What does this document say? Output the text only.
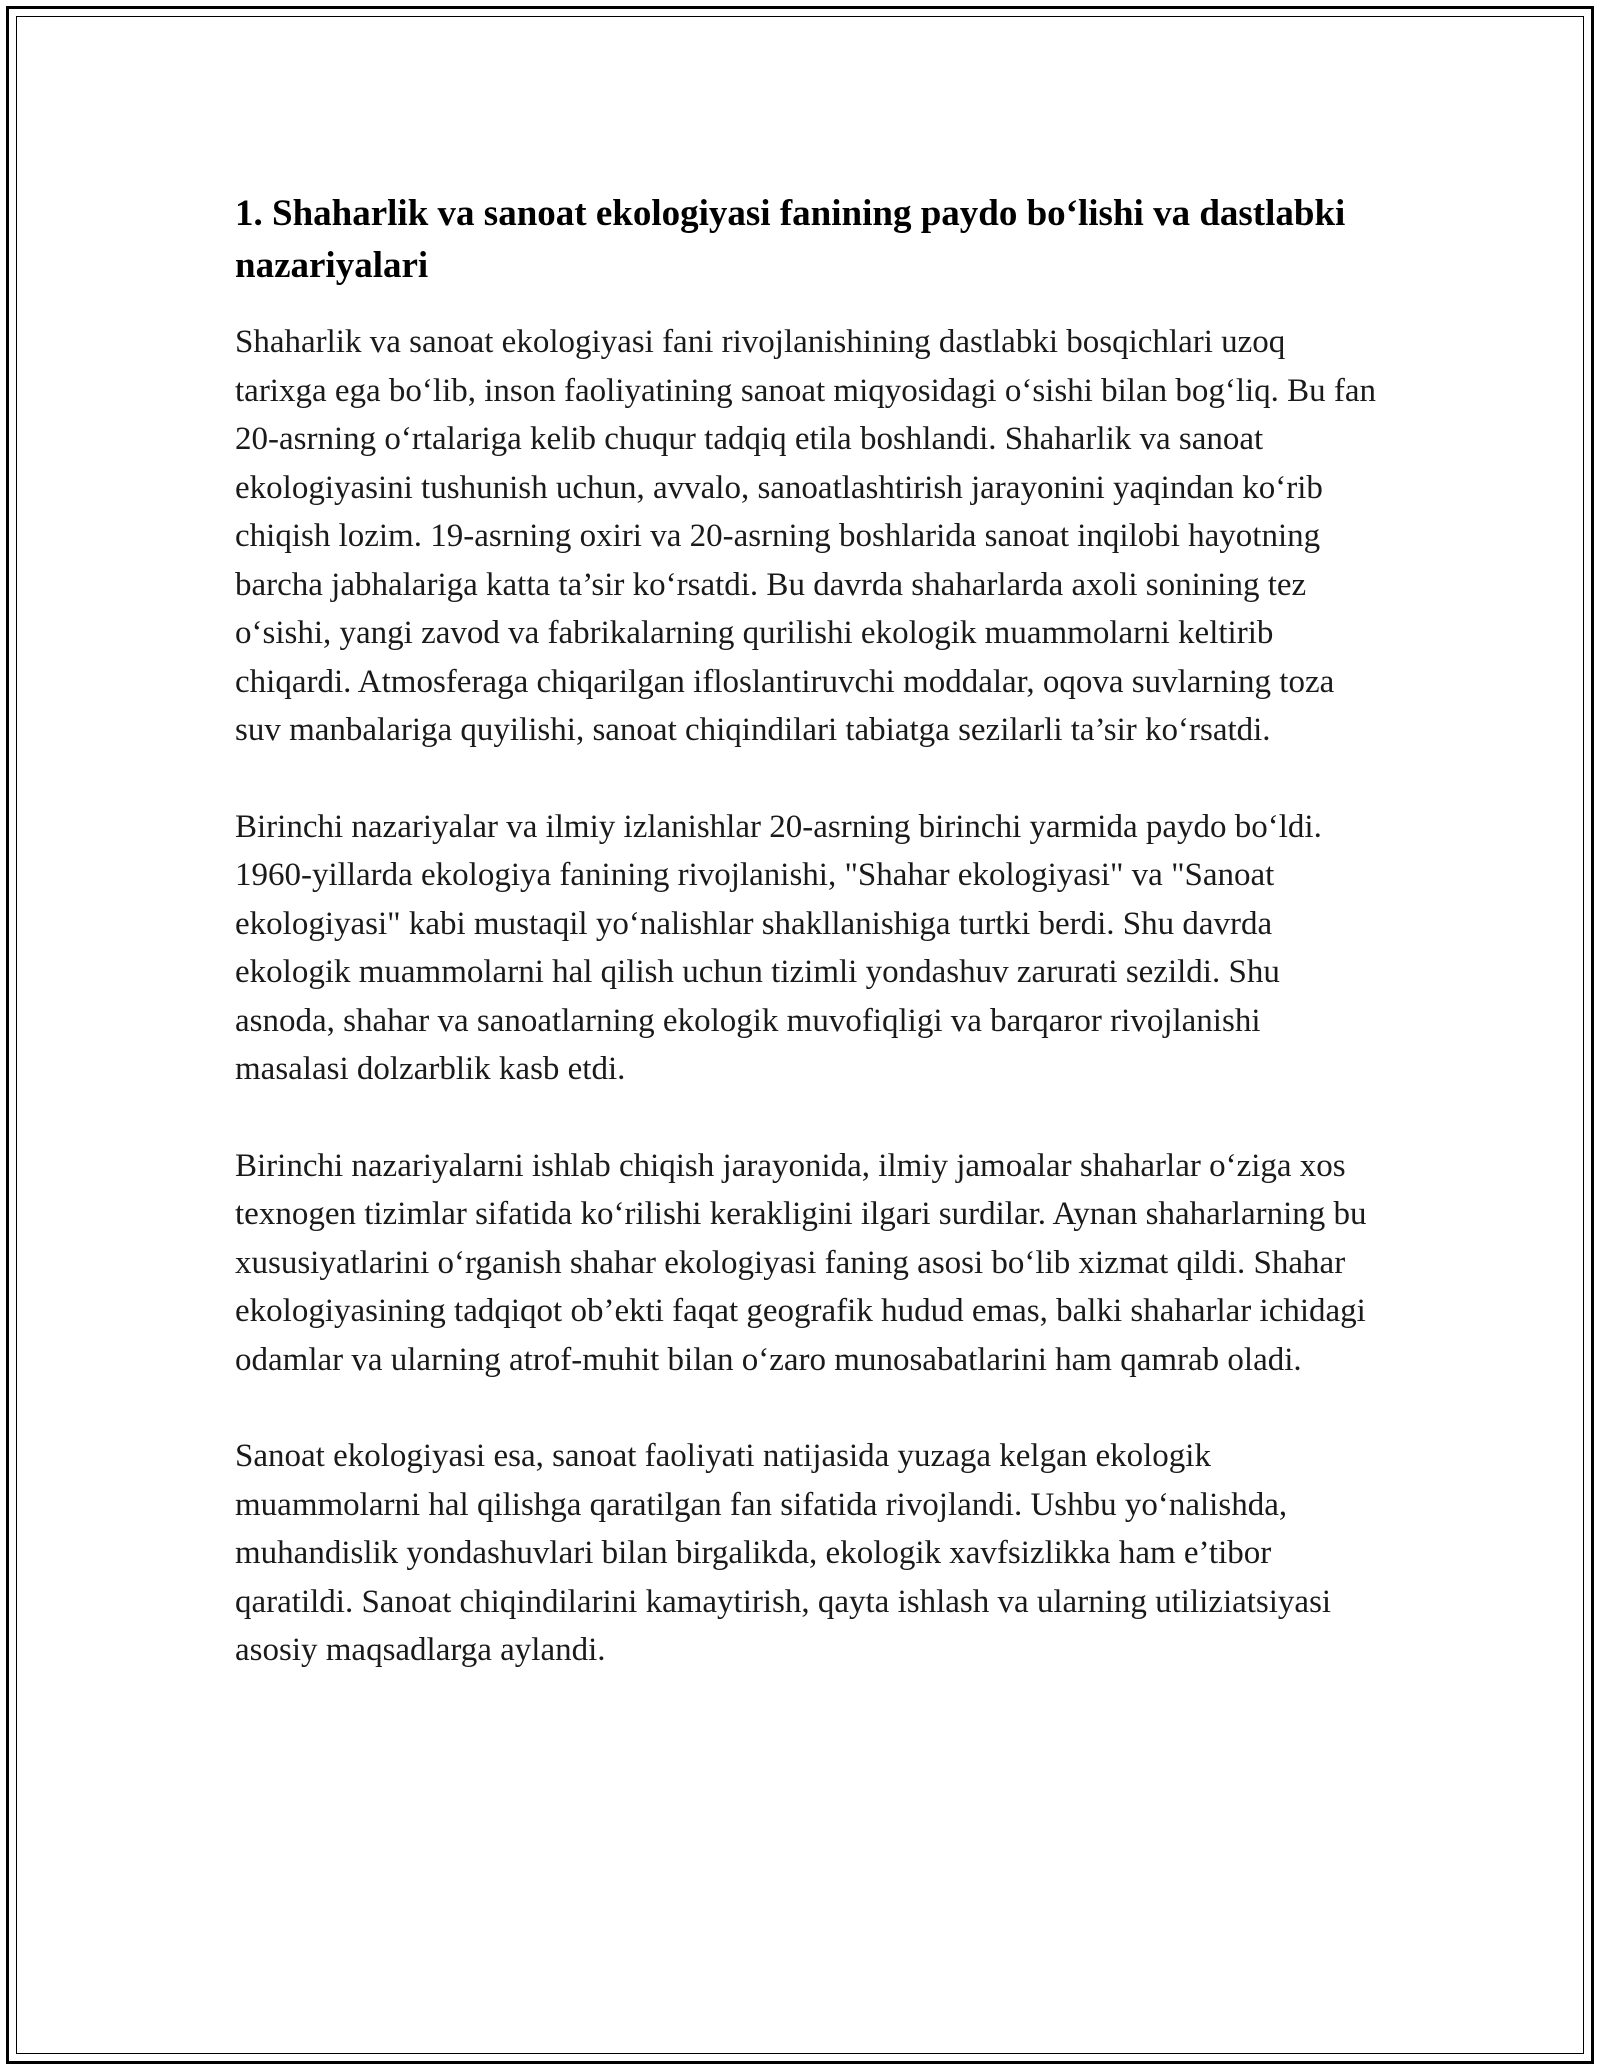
1. Shaharlik va sanoat ekologiyasi fanining paydo bo‘lishi va dastlabki nazariyalari

Shaharlik va sanoat ekologiyasi fani rivojlanishining dastlabki bosqichlari uzoq tarixga ega bo‘lib, inson faoliyatining sanoat miqyosidagi o‘sishi bilan bog‘liq. Bu fan 20-asrning o‘rtalariga kelib chuqur tadqiq etila boshlandi. Shaharlik va sanoat ekologiyasini tushunish uchun, avvalo, sanoatlashtirish jarayonini yaqindan ko‘rib chiqish lozim. 19-asrning oxiri va 20-asrning boshlarida sanoat inqilobi hayotning barcha jabhalariga katta ta’sir ko‘rsatdi. Bu davrda shaharlarda axoli sonining tez o‘sishi, yangi zavod va fabrikalarning qurilishi ekologik muammolarni keltirib chiqardi. Atmosferaga chiqarilgan ifloslantiruvchi moddalar, oqova suvlarning toza suv manbalariga quyilishi, sanoat chiqindilari tabiatga sezilarli ta’sir ko‘rsatdi.

Birinchi nazariyalar va ilmiy izlanishlar 20-asrning birinchi yarmida paydo bo‘ldi. 1960-yillarda ekologiya fanining rivojlanishi, "Shahar ekologiyasi" va "Sanoat ekologiyasi" kabi mustaqil yo‘nalishlar shakllanishiga turtki berdi. Shu davrda ekologik muammolarni hal qilish uchun tizimli yondashuv zarurati sezildi. Shu asnoda, shahar va sanoatlarning ekologik muvofiqligi va barqaror rivojlanishi masalasi dolzarblik kasb etdi.

Birinchi nazariyalarni ishlab chiqish jarayonida, ilmiy jamoalar shaharlar o‘ziga xos texnogen tizimlar sifatida ko‘rilishi kerakligini ilgari surdilar. Aynan shaharlarning bu xususiyatlarini o‘rganish shahar ekologiyasi faning asosi bo‘lib xizmat qildi. Shahar ekologiyasining tadqiqot ob’ekti faqat geografik hudud emas, balki shaharlar ichidagi odamlar va ularning atrof-muhit bilan o‘zaro munosabatlarini ham qamrab oladi.

Sanoat ekologiyasi esa, sanoat faoliyati natijasida yuzaga kelgan ekologik muammolarni hal qilishga qaratilgan fan sifatida rivojlandi. Ushbu yo‘nalishda, muhandislik yondashuvlari bilan birgalikda, ekologik xavfsizlikka ham e’tibor qaratildi. Sanoat chiqindilarini kamaytirish, qayta ishlash va ularning utiliziatsiyasi asosiy maqsadlarga aylandi.
